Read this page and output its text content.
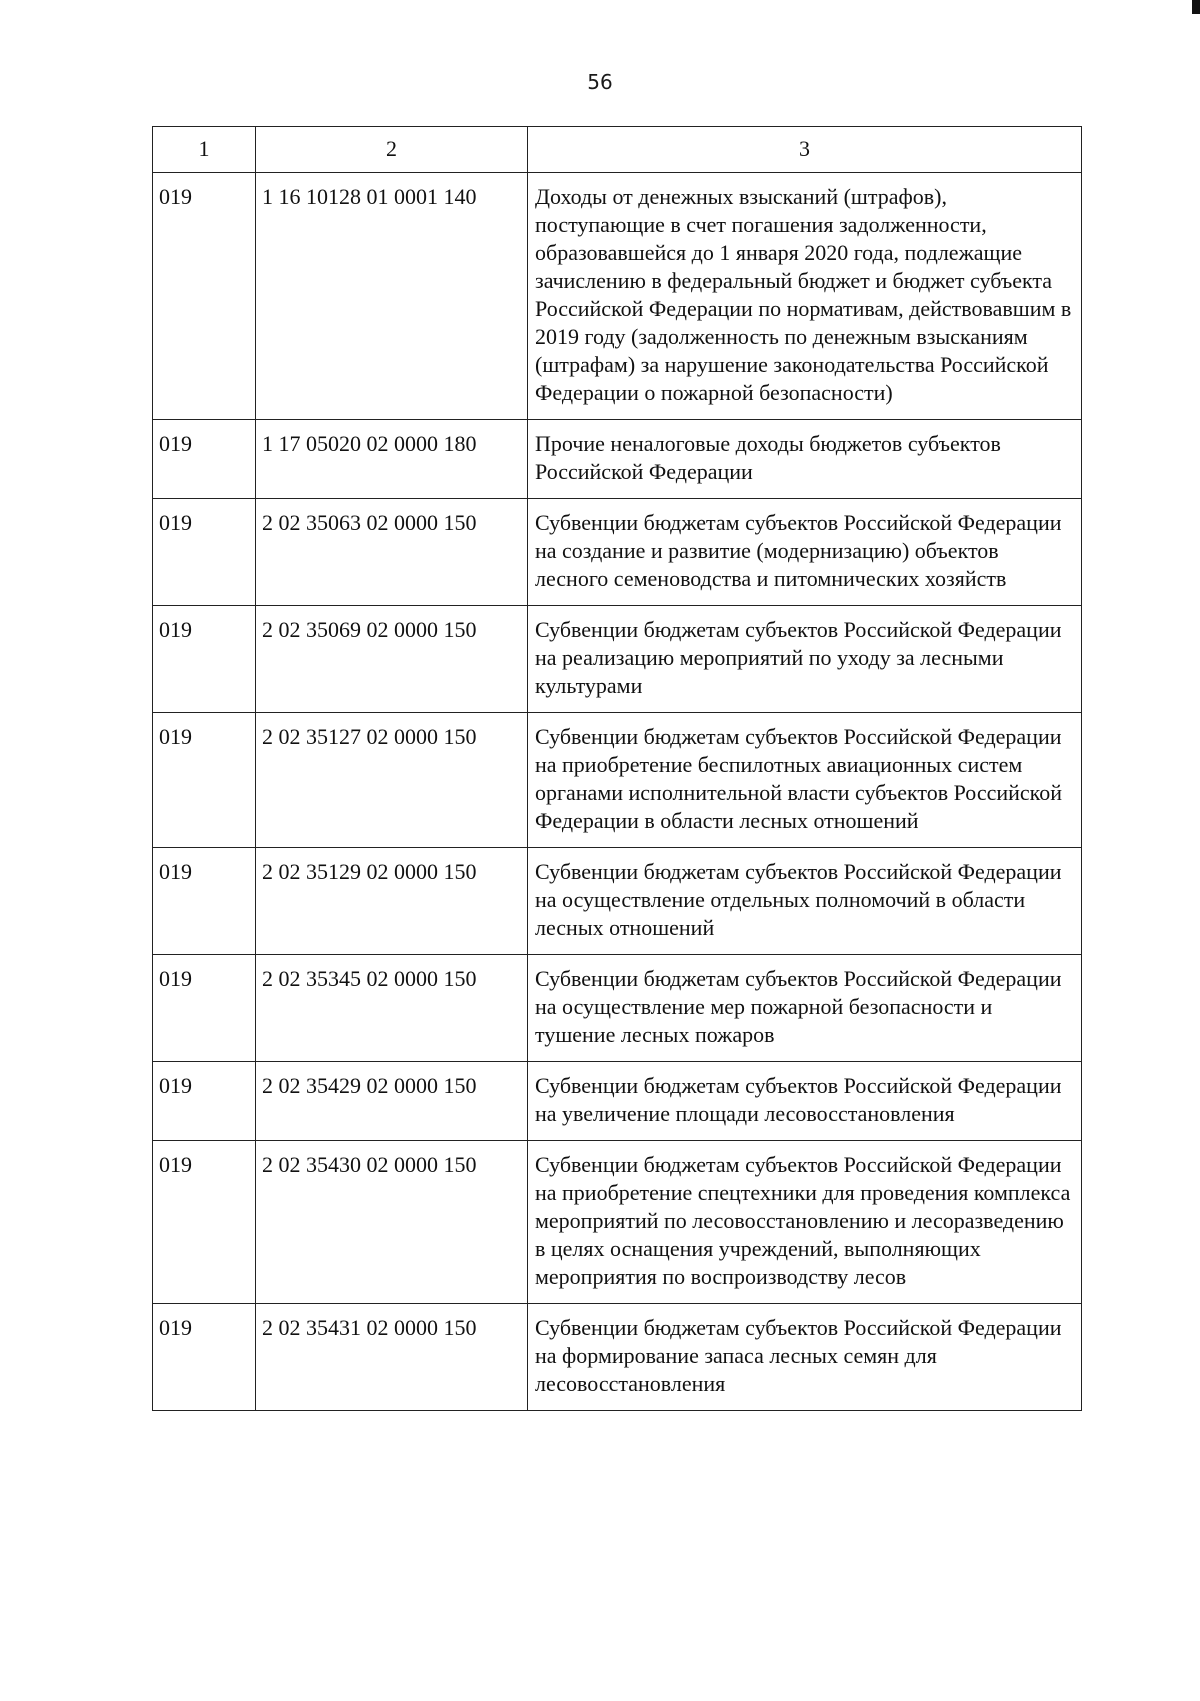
56
1	2	3
019	1 16 10128 01 0001 140	Доходы от денежных взысканий (штрафов), поступающие в счет погашения задолженности, образовавшейся до 1 января 2020 года, подлежащие зачислению в федеральный бюджет и бюджет субъекта Российской Федерации по нормативам, действовавшим в 2019 году (задолженность по денежным взысканиям (штрафам) за нарушение законодательства Российской Федерации о пожарной безопасности)
019	1 17 05020 02 0000 180	Прочие неналоговые доходы бюджетов субъектов Российской Федерации
019	2 02 35063 02 0000 150	Субвенции бюджетам субъектов Российской Федерации на создание и развитие (модернизацию) объектов лесного семеноводства и питомнических хозяйств
019	2 02 35069 02 0000 150	Субвенции бюджетам субъектов Российской Федерации на реализацию мероприятий по уходу за лесными культурами
019	2 02 35127 02 0000 150	Субвенции бюджетам субъектов Российской Федерации на приобретение беспилотных авиационных систем органами исполнительной власти субъектов Российской Федерации в области лесных отношений
019	2 02 35129 02 0000 150	Субвенции бюджетам субъектов Российской Федерации на осуществление отдельных полномочий в области лесных отношений
019	2 02 35345 02 0000 150	Субвенции бюджетам субъектов Российской Федерации на осуществление мер пожарной безопасности и тушение лесных пожаров
019	2 02 35429 02 0000 150	Субвенции бюджетам субъектов Российской Федерации на увеличение площади лесовосстановления
019	2 02 35430 02 0000 150	Субвенции бюджетам субъектов Российской Федерации на приобретение спецтехники для проведения комплекса мероприятий по лесовосстановлению и лесоразведению в целях оснащения учреждений, выполняющих мероприятия по воспроизводству лесов
019	2 02 35431 02 0000 150	Субвенции бюджетам субъектов Российской Федерации на формирование запаса лесных семян для лесовосстановления
